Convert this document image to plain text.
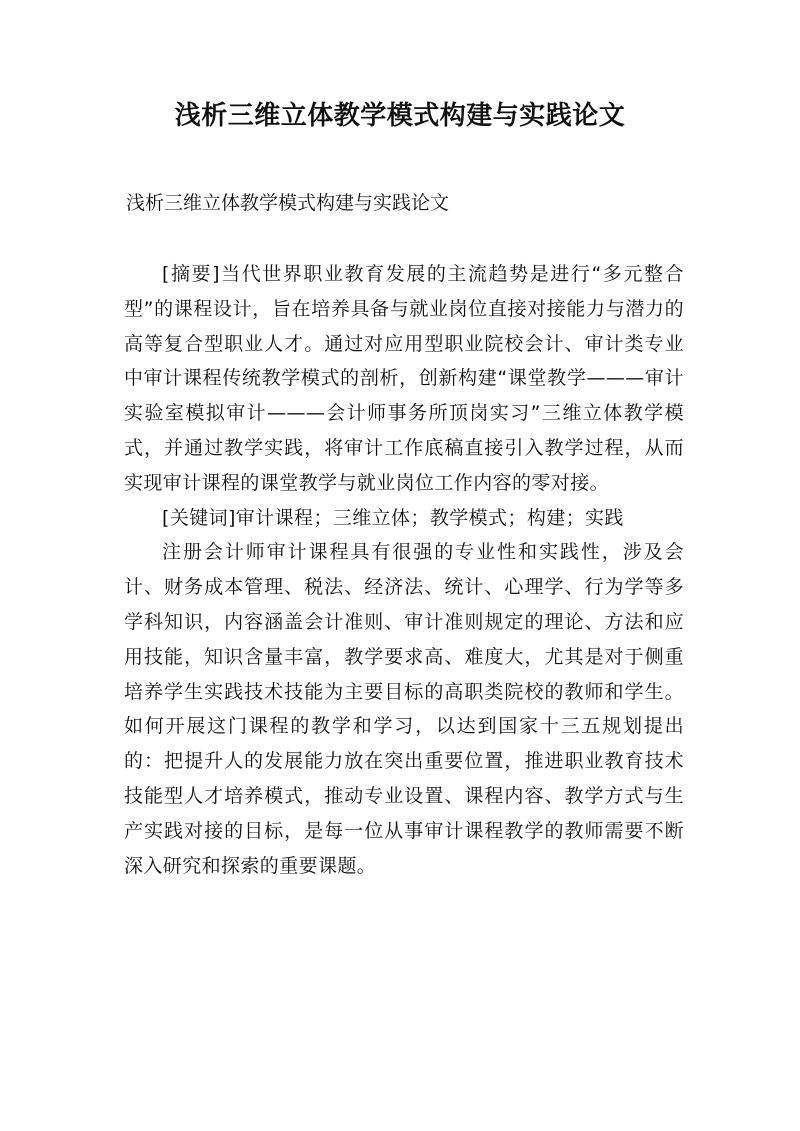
浅析三维立体教学模式构建与实践论文

浅析三维立体教学模式构建与实践论文

[摘要]当代世界职业教育发展的主流趋势是进行“多元整合型”的课程设计，旨在培养具备与就业岗位直接对接能力与潜力的高等复合型职业人才。通过对应用型职业院校会计、审计类专业中审计课程传统教学模式的剖析，创新构建“课堂教学———审计实验室模拟审计———会计师事务所顶岗实习”三维立体教学模式，并通过教学实践，将审计工作底稿直接引入教学过程，从而实现审计课程的课堂教学与就业岗位工作内容的零对接。

[关键词]审计课程；三维立体；教学模式；构建；实践

注册会计师审计课程具有很强的专业性和实践性，涉及会计、财务成本管理、税法、经济法、统计、心理学、行为学等多学科知识，内容涵盖会计准则、审计准则规定的理论、方法和应用技能，知识含量丰富，教学要求高、难度大，尤其是对于侧重培养学生实践技术技能为主要目标的高职类院校的教师和学生。如何开展这门课程的教学和学习，以达到国家十三五规划提出的：把提升人的发展能力放在突出重要位置，推进职业教育技术技能型人才培养模式，推动专业设置、课程内容、教学方式与生产实践对接的目标，是每一位从事审计课程教学的教师需要不断深入研究和探索的重要课题。
